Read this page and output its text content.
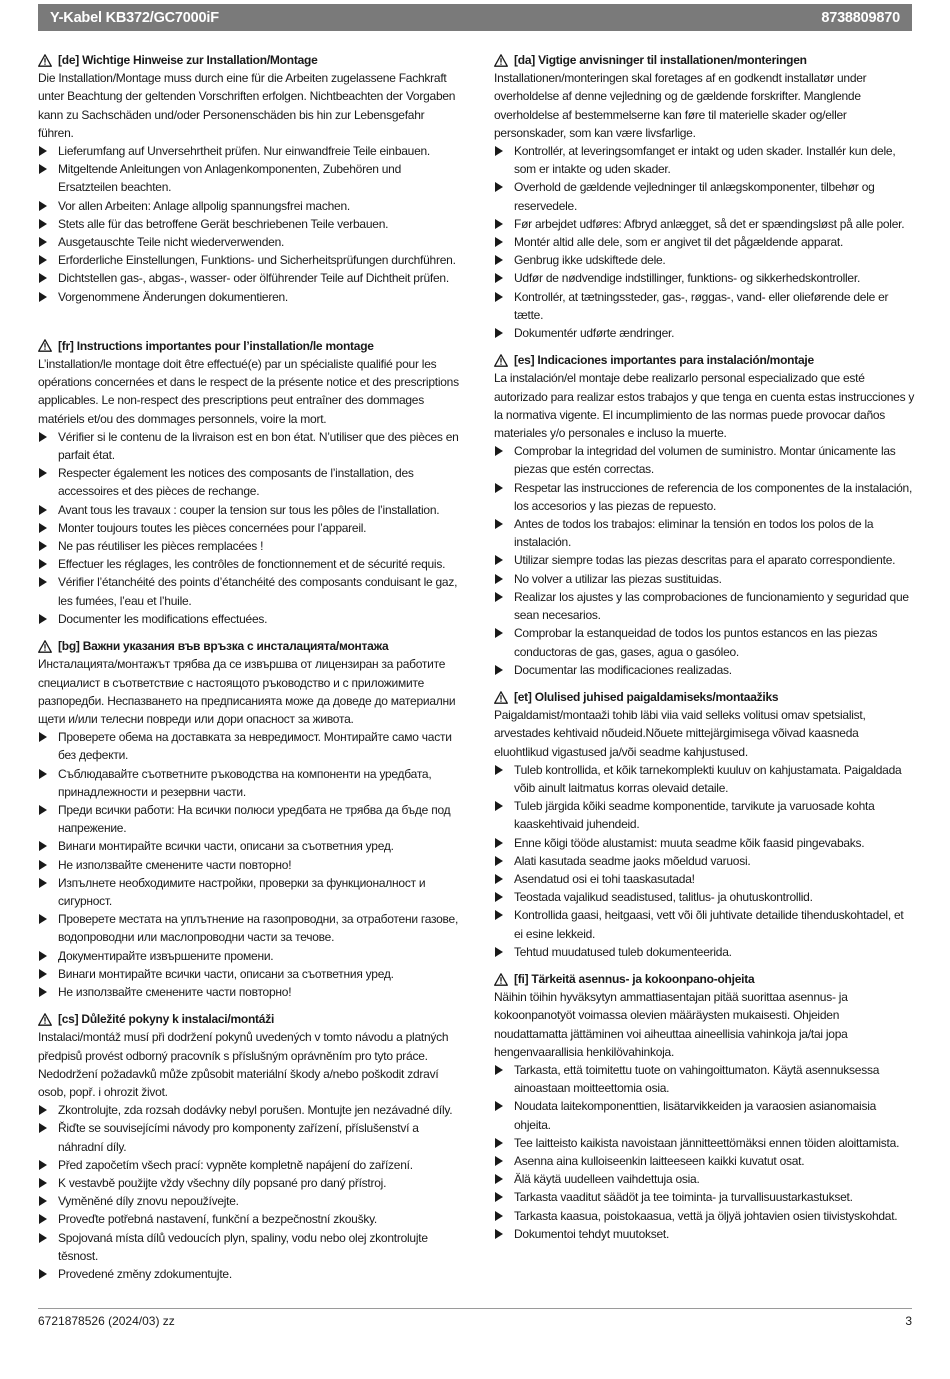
Y-Kabel KB372/GC7000iF	8738809870
[de] Wichtige Hinweise zur Installation/Montage

Die Installation/Montage muss durch eine für die Arbeiten zugelassene Fachkraft unter Beachtung der geltenden Vorschriften erfolgen. Nichtbeachten der Vorgaben kann zu Sachschäden und/oder Personenschäden bis hin zur Lebensgefahr führen.

Lieferumfang auf Unversehrtheit prüfen. Nur einwandfreie Teile einbauen.
Mitgeltende Anleitungen von Anlagenkomponenten, Zubehören und Ersatzteilen beachten.
Vor allen Arbeiten: Anlage allpolig spannungsfrei machen.
Stets alle für das betroffene Gerät beschriebenen Teile verbauen.
Ausgetauschte Teile nicht wiederverwenden.
Erforderliche Einstellungen, Funktions- und Sicherheitsprüfungen durchführen.
Dichtstellen gas-, abgas-, wasser- oder ölführender Teile auf Dichtheit prüfen.
Vorgenommene Änderungen dokumentieren.
[fr] Instructions importantes pour l’installation/le montage

L’installation/le montage doit être effectué(e) par un spécialiste qualifié pour les opérations concernées et dans le respect de la présente notice et des prescriptions applicables. Le non-respect des prescriptions peut entraîner des dommages matériels et/ou des dommages personnels, voire la mort.

Vérifier si le contenu de la livraison est en bon état. N’utiliser que des pièces en parfait état.
Respecter également les notices des composants de l’installation, des accessoires et des pièces de rechange.
Avant tous les travaux : couper la tension sur tous les pôles de l’installation.
Monter toujours toutes les pièces concernées pour l’appareil.
Ne pas réutiliser les pièces remplacées !
Effectuer les réglages, les contrôles de fonctionnement et de sécurité requis.
Vérifier l’étanchéité des points d’étanchéité des composants conduisant le gaz, les fumées, l’eau et l’huile.
Documenter les modifications effectuées.
[bg] Важни указания във връзка с инсталацията/монтажа

Инсталацията/монтажът трябва да се извършва от лицензиран за работите специалист в съответствие с настоящото ръководство и с приложимите разпоредби. Неспазването на предписанията може да доведе до материални щети и/или телесни повреди или дори опасност за живота.

Проверете обема на доставката за невредимост. Монтирайте само части без дефекти.
Съблюдавайте съответните ръководства на компоненти на уредбата, принадлежности и резервни части.
Преди всички работи: На всички полюси уредбата не трябва да бъде под напрежение.
Винаги монтирайте всички части, описани за съответния уред.
Не използвайте сменените части повторно!
Изпълнете необходимите настройки, проверки за функционалност и сигурност.
Проверете местата на уплътнение на газопроводни, за отработени газове, водопроводни или маслопроводни части за течове.
Документирайте извършените промени.
Винаги монтирайте всички части, описани за съответния уред.
Не използвайте сменените части повторно!
[cs] Důležité pokyny k instalaci/montáži

Instalaci/montáž musí při dodržení pokynů uvedených v tomto návodu a platných předpisů provést odborný pracovník s příslušným oprávněním pro tyto práce. Nedodržení požadavků může způsobit materiální škody a/nebo poškodit zdraví osob, popř. i ohrozit život.

Zkontrolujte, zda rozsah dodávky nebyl porušen. Montujte jen nezávadné díly.
Řiďte se souvisejícími návody pro komponenty zařízení, příslušenství a náhradní díly.
Před započetím všech prací: vypněte kompletně napájení do zařízení.
K vestavbě použijte vždy všechny díly popsané pro daný přístroj.
Vyměněné díly znovu nepoužívejte.
Proveďte potřebná nastavení, funkční a bezpečnostní zkoušky.
Spojovaná místa dílů vedoucích plyn, spaliny, vodu nebo olej zkontrolujte těsnost.
Provedené změny zdokumentujte.
[da] Vigtige anvisninger til installationen/monteringen

Installationen/monteringen skal foretages af en godkendt installatør under overholdelse af denne vejledning og de gældende forskrifter. Manglende overholdelse af bestemmelserne kan føre til materielle skader og/eller personskader, som kan være livsfarlige.

Kontrollér, at leveringsomfanget er intakt og uden skader. Installér kun dele, som er intakte og uden skader.
Overhold de gældende vejledninger til anlægskomponenter, tilbehør og reservedele.
Før arbejdet udføres: Afbryd anlægget, så det er spændingsløst på alle poler.
Montér altid alle dele, som er angivet til det pågældende apparat.
Genbrug ikke udskiftede dele.
Udfør de nødvendige indstillinger, funktions- og sikkerhedskontroller.
Kontrollér, at tætningssteder, gas-, røggas-, vand- eller olieførende dele er tætte.
Dokumentér udførte ændringer.
[es] Indicaciones importantes para instalación/montaje

La instalación/el montaje debe realizarlo personal especializado que esté autorizado para realizar estos trabajos y que tenga en cuenta estas instrucciones y la normativa vigente. El incumplimiento de las normas puede provocar daños materiales y/o personales e incluso la muerte.

Comprobar la integridad del volumen de suministro. Montar únicamente las piezas que estén correctas.
Respetar las instrucciones de referencia de los componentes de la instalación, los accesorios y las piezas de repuesto.
Antes de todos los trabajos: eliminar la tensión en todos los polos de la instalación.
Utilizar siempre todas las piezas descritas para el aparato correspondiente.
No volver a utilizar las piezas sustituidas.
Realizar los ajustes y las comprobaciones de funcionamiento y seguridad que sean necesarios.
Comprobar la estanqueidad de todos los puntos estancos en las piezas conductoras de gas, gases, agua o gasóleo.
Documentar las modificaciones realizadas.
[et] Olulised juhised paigaldamiseks/montaažiks

Paigaldamist/montaaži tohib läbi viia vaid selleks volitusi omav spetsialist, arvestades kehtivaid nõudeid.Nõuete mittejärgimisega võivad kaasneda eluohtlikud vigastused ja/või seadme kahjustused.

Tuleb kontrollida, et kõik tarnekomplekti kuuluv on kahjustamata. Paigaldada võib ainult laitmatus korras olevaid detaile.
Tuleb järgida kõiki seadme komponentide, tarvikute ja varuosade kohta kaaskehtivaid juhendeid.
Enne kõigi tööde alustamist: muuta seadme kõik faasid pingevabaks.
Alati kasutada seadme jaoks mõeldud varuosi.
Asendatud osi ei tohi taaskasutada!
Teostada vajalikud seadistused, talitlus- ja ohutuskontrollid.
Kontrollida gaasi, heitgaasi, vett või õli juhtivate detailide tihenduskohtadel, et ei esine lekkeid.
Tehtud muudatused tuleb dokumenteerida.
[fi] Tärkeitä asennus- ja kokoonpano-ohjeita

Näihin töihin hyväksytyn ammattiasentajan pitää suorittaa asennus- ja kokoonpanotyöt voimassa olevien määräysten mukaisesti. Ohjeiden noudattamatta jättäminen voi aiheuttaa aineellisia vahinkoja ja/tai jopa hengenvaarallisia henkilövahinkoja.

Tarkasta, että toimitettu tuote on vahingoittumaton. Käytä asennuksessa ainoastaan moitteettomia osia.
Noudata laitekomponenttien, lisätarvikkeiden ja varaosien asianomaisia ohjeita.
Tee laitteisto kaikista navoistaan jännitteettömäksi ennen töiden aloittamista.
Asenna aina kulloiseenkin laitteeseen kaikki kuvatut osat.
Älä käytä uudelleen vaihdettuja osia.
Tarkasta vaaditut säädöt ja tee toiminta- ja turvallisuustarkastukset.
Tarkasta kaasua, poistokaasua, vettä ja öljyä johtavien osien tiivistyskohdat.
Dokumentoi tehdyt muutokset.
6721878526 (2024/03) zz	3
